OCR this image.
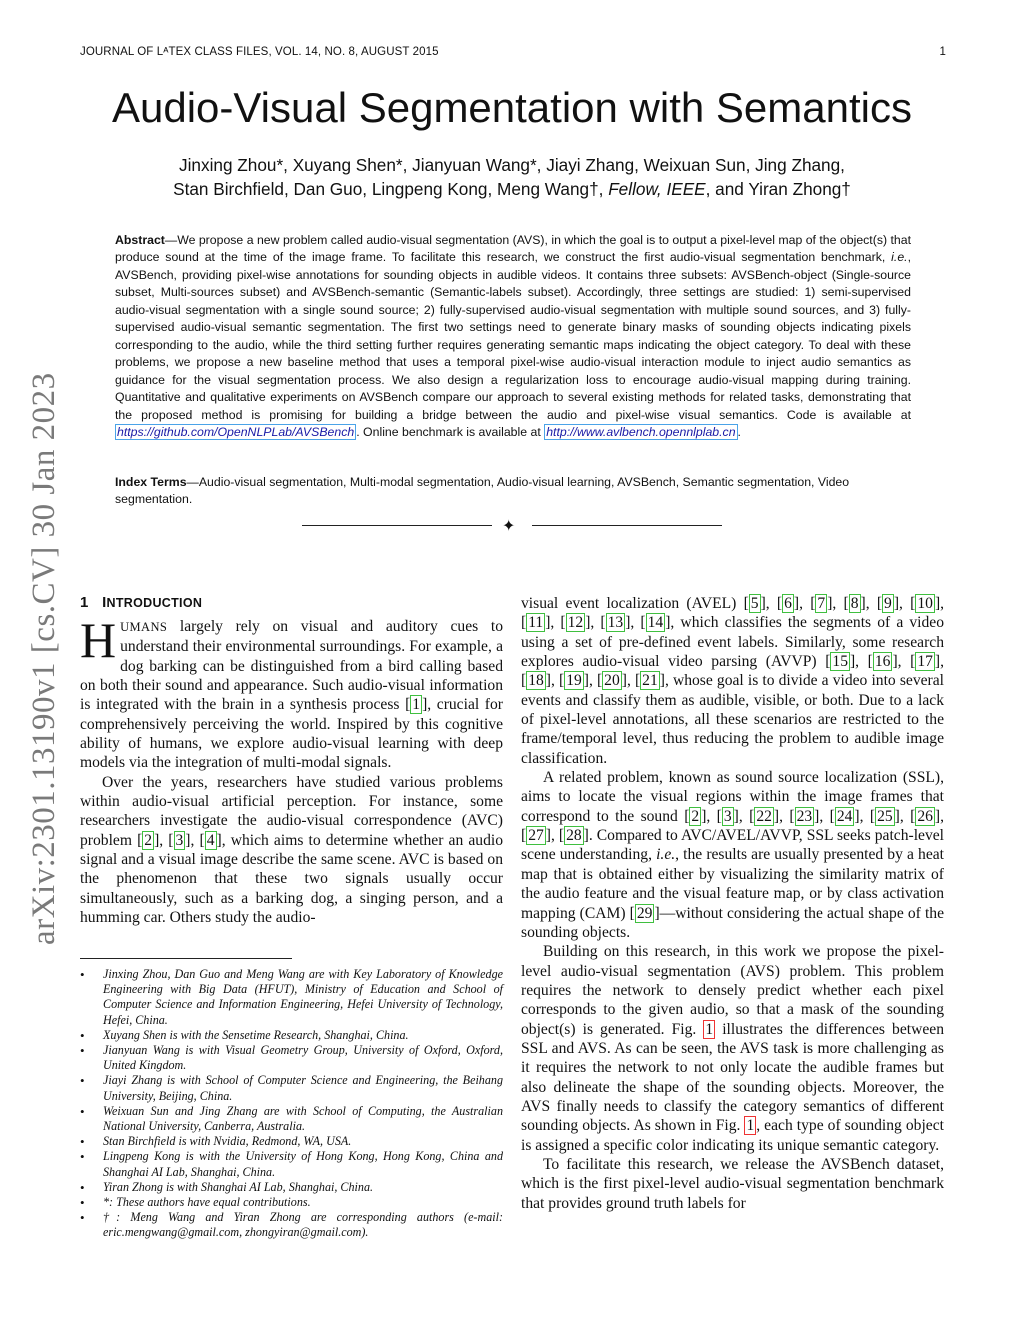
JOURNAL OF LᴬTEX CLASS FILES, VOL. 14, NO. 8, AUGUST 2015	1
Audio-Visual Segmentation with Semantics
Jinxing Zhou*, Xuyang Shen*, Jianyuan Wang*, Jiayi Zhang, Weixuan Sun, Jing Zhang,
Stan Birchfield, Dan Guo, Lingpeng Kong, Meng Wang†, Fellow, IEEE, and Yiran Zhong†
arXiv:2301.13190v1 [cs.CV] 30 Jan 2023
Abstract—We propose a new problem called audio-visual segmentation (AVS), in which the goal is to output a pixel-level map of the object(s) that produce sound at the time of the image frame. To facilitate this research, we construct the first audio-visual segmentation benchmark, i.e., AVSBench, providing pixel-wise annotations for sounding objects in audible videos. It contains three subsets: AVSBench-object (Single-source subset, Multi-sources subset) and AVSBench-semantic (Semantic-labels subset). Accordingly, three settings are studied: 1) semi-supervised audio-visual segmentation with a single sound source; 2) fully-supervised audio-visual segmentation with multiple sound sources, and 3) fully-supervised audio-visual semantic segmentation. The first two settings need to generate binary masks of sounding objects indicating pixels corresponding to the audio, while the third setting further requires generating semantic maps indicating the object category. To deal with these problems, we propose a new baseline method that uses a temporal pixel-wise audio-visual interaction module to inject audio semantics as guidance for the visual segmentation process. We also design a regularization loss to encourage audio-visual mapping during training. Quantitative and qualitative experiments on AVSBench compare our approach to several existing methods for related tasks, demonstrating that the proposed method is promising for building a bridge between the audio and pixel-wise visual semantics. Code is available at https://github.com/OpenNLPLab/AVSBench . Online benchmark is available at http://www.avlbench.opennlplab.cn .
Index Terms—Audio-visual segmentation, Multi-modal segmentation, Audio-visual learning, AVSBench, Semantic segmentation, Video segmentation.
✦
1 INTRODUCTION

HUMANS largely rely on visual and auditory cues to understand their environmental surroundings. For example, a dog barking can be distinguished from a bird calling based on both their sound and appearance. Such audio-visual information is integrated with the brain in a synthesis process [ 1 ], crucial for comprehensively perceiving the world. Inspired by this cognitive ability of humans, we explore audio-visual learning with deep models via the integration of multi-modal signals.

Over the years, researchers have studied various problems within audio-visual artificial perception. For instance, some researchers investigate the audio-visual correspondence (AVC) problem [ 2 ], [ 3 ], [ 4 ], which aims to determine whether an audio signal and a visual image describe the same scene. AVC is based on the phenomenon that these two signals usually occur simultaneously, such as a barking dog, a singing person, and a humming car. Others study the audio-

• Jinxing Zhou, Dan Guo and Meng Wang are with Key Laboratory of Knowledge Engineering with Big Data (HFUT), Ministry of Education and School of Computer Science and Information Engineering, Hefei University of Technology, Hefei, China.

• Xuyang Shen is with the Sensetime Research, Shanghai, China.

• Jianyuan Wang is with Visual Geometry Group, University of Oxford, Oxford, United Kingdom.

• Jiayi Zhang is with School of Computer Science and Engineering, the Beihang University, Beijing, China.

• Weixuan Sun and Jing Zhang are with School of Computing, the Australian National University, Canberra, Australia.

• Stan Birchfield is with Nvidia, Redmond, WA, USA.

• Lingpeng Kong is with the University of Hong Kong, Hong Kong, China and Shanghai AI Lab, Shanghai, China.

• Yiran Zhong is with Shanghai AI Lab, Shanghai, China.

• *: These authors have equal contributions.

• †: Meng Wang and Yiran Zhong are corresponding authors (e-mail: eric.mengwang@gmail.com, zhongyiran@gmail.com).

visual event localization (AVEL) [ 5 ], [ 6 ], [ 7 ], [ 8 ], [ 9 ], [ 10 ], [ 11 ], [ 12 ], [ 13 ], [ 14 ], which classifies the segments of a video using a set of pre-defined event labels. Similarly, some research explores audio-visual video parsing (AVVP) [ 15 ], [ 16 ], [ 17 ], [ 18 ], [ 19 ], [ 20 ], [ 21 ], whose goal is to divide a video into several events and classify them as audible, visible, or both. Due to a lack of pixel-level annotations, all these scenarios are restricted to the frame/temporal level, thus reducing the problem to audible image classification.

A related problem, known as sound source localization (SSL), aims to locate the visual regions within the image frames that correspond to the sound [ 2 ], [ 3 ], [ 22 ], [ 23 ], [ 24 ], [ 25 ], [ 26 ], [ 27 ], [ 28 ]. Compared to AVC/AVEL/AVVP, SSL seeks patch-level scene understanding, i.e., the results are usually presented by a heat map that is obtained either by visualizing the similarity matrix of the audio feature and the visual feature map, or by class activation mapping (CAM) [ 29 ]—without considering the actual shape of the sounding objects.

Building on this research, in this work we propose the pixel-level audio-visual segmentation (AVS) problem. This problem requires the network to densely predict whether each pixel corresponds to the given audio, so that a mask of the sounding object(s) is generated. Fig. 1 illustrates the differences between SSL and AVS. As can be seen, the AVS task is more challenging as it requires the network to not only locate the audible frames but also delineate the shape of the sounding objects. Moreover, the AVS finally needs to classify the category semantics of different sounding objects. As shown in Fig. 1 , each type of sounding object is assigned a specific color indicating its unique semantic category.

To facilitate this research, we release the AVSBench dataset, which is the first pixel-level audio-visual segmentation benchmark that provides ground truth labels for
